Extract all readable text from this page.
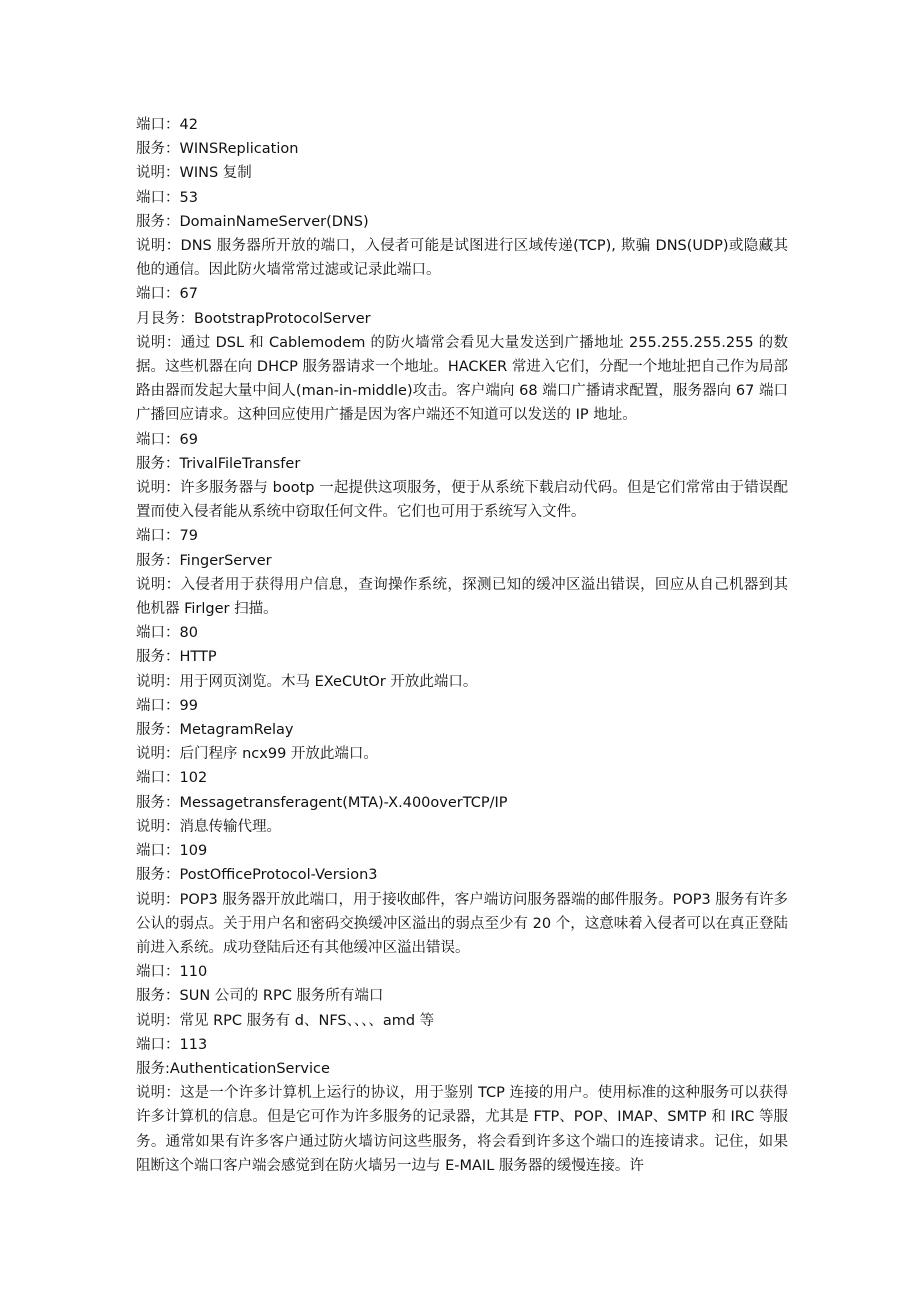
端口：42

服务：WINSReplication

说明：WINS 复制

端口：53

服务：DomainNameServer(DNS)

说明：DNS 服务器所开放的端口，入侵者可能是试图进行区域传递(TCP), 欺骗 DNS(UDP)或隐藏其他的通信。因此防火墙常常过滤或记录此端口。

端口：67

月艮务：BootstrapProtocolServer

说明：通过 DSL 和 Cablemodem 的防火墙常会看见大量发送到广播地址 255.255.255.255 的数据。这些机器在向 DHCP 服务器请求一个地址。HACKER 常进入它们，分配一个地址把自己作为局部路由器而发起大量中间人(man-in-middle)攻击。客户端向 68 端口广播请求配置，服务器向 67 端口广播回应请求。这种回应使用广播是因为客户端还不知道可以发送的 IP 地址。

端口：69

服务：TrivalFileTransfer

说明：许多服务器与 bootp 一起提供这项服务，便于从系统下载启动代码。但是它们常常由于错误配置而使入侵者能从系统中窃取任何文件。它们也可用于系统写入文件。

端口：79

服务：FingerServer

说明：入侵者用于获得用户信息，查询操作系统，探测已知的缓冲区溢出错误，回应从自己机器到其他机器 Firlger 扫描。

端口：80

服务：HTTP

说明：用于网页浏览。木马 EXeCUtOr 开放此端口。

端口：99

服务：MetagramRelay

说明：后门程序 ncx99 开放此端口。

端口：102

服务：Messagetransferagent(MTA)-X.400overTCP/IP

说明：消息传输代理。

端口：109

服务：PostOfficeProtocol-Version3

说明：POP3 服务器开放此端口，用于接收邮件，客户端访问服务器端的邮件服务。POP3 服务有许多公认的弱点。关于用户名和密码交换缓冲区溢出的弱点至少有 20 个，这意味着入侵者可以在真正登陆前进入系统。成功登陆后还有其他缓冲区溢出错误。

端口：110

服务：SUN 公司的 RPC 服务所有端口

说明：常见 RPC 服务有 d、NFS、、、、amd 等

端口：113

服务:AuthenticationService

说明：这是一个许多计算机上运行的协议，用于鉴别 TCP 连接的用户。使用标准的这种服务可以获得许多计算机的信息。但是它可作为许多服务的记录器，尤其是 FTP、POP、IMAP、SMTP 和 IRC 等服务。通常如果有许多客户通过防火墙访问这些服务，将会看到许多这个端口的连接请求。记住，如果阻断这个端口客户端会感觉到在防火墙另一边与 E-MAIL 服务器的缓慢连接。许
